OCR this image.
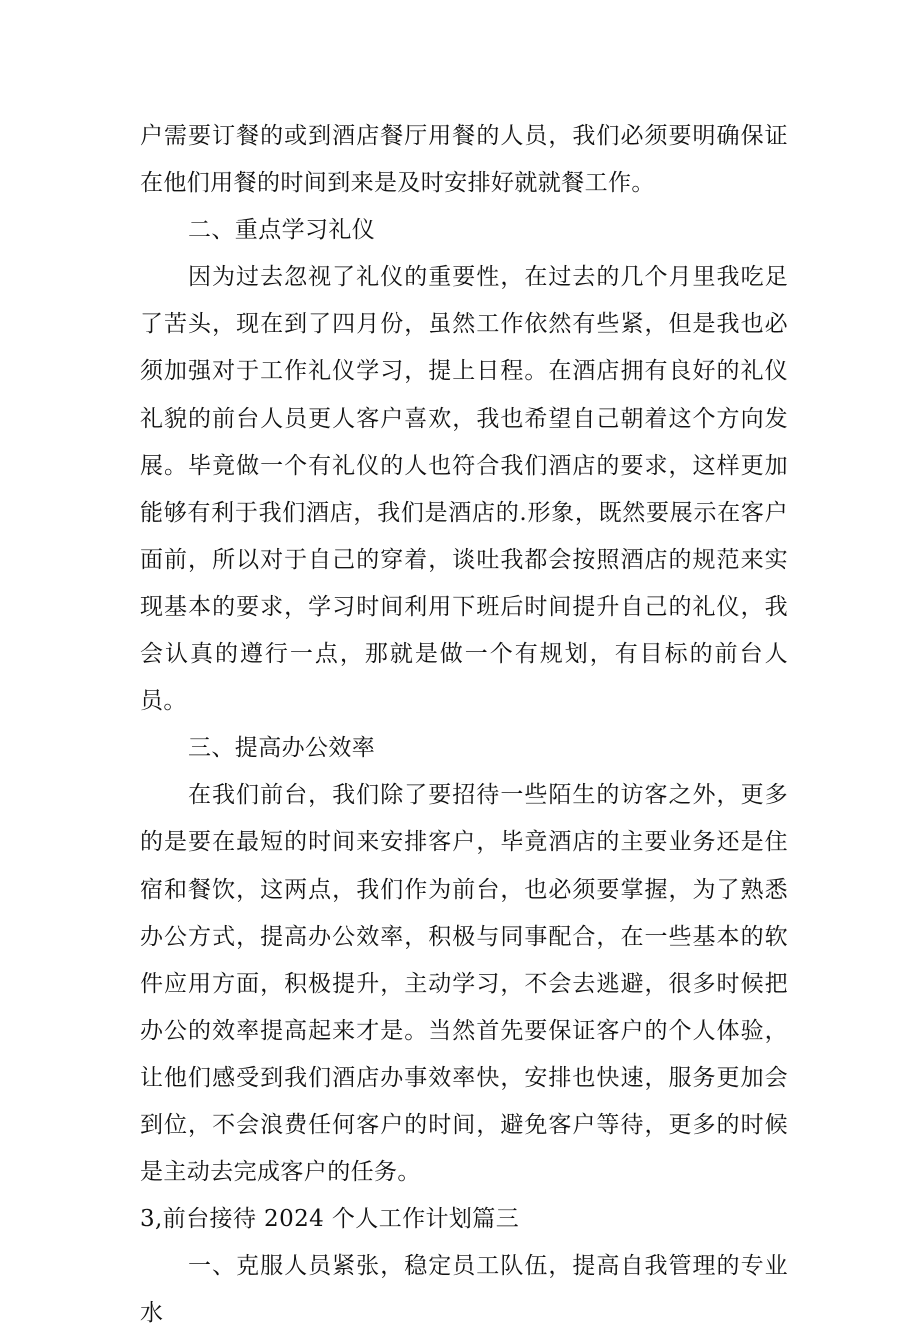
户需要订餐的或到酒店餐厅用餐的人员，我们必须要明确保证在他们用餐的时间到来是及时安排好就就餐工作。

二、重点学习礼仪

因为过去忽视了礼仪的重要性，在过去的几个月里我吃足了苦头，现在到了四月份，虽然工作依然有些紧，但是我也必须加强对于工作礼仪学习，提上日程。在酒店拥有良好的礼仪礼貌的前台人员更人客户喜欢，我也希望自己朝着这个方向发展。毕竟做一个有礼仪的人也符合我们酒店的要求，这样更加能够有利于我们酒店，我们是酒店的.形象，既然要展示在客户面前，所以对于自己的穿着，谈吐我都会按照酒店的规范来实现基本的要求，学习时间利用下班后时间提升自己的礼仪，我会认真的遵行一点，那就是做一个有规划，有目标的前台人员。

三、提高办公效率

在我们前台，我们除了要招待一些陌生的访客之外，更多的是要在最短的时间来安排客户，毕竟酒店的主要业务还是住宿和餐饮，这两点，我们作为前台，也必须要掌握，为了熟悉办公方式，提高办公效率，积极与同事配合，在一些基本的软件应用方面，积极提升，主动学习，不会去逃避，很多时候把办公的效率提高起来才是。当然首先要保证客户的个人体验，让他们感受到我们酒店办事效率快，安排也快速，服务更加会到位，不会浪费任何客户的时间，避免客户等待，更多的时候是主动去完成客户的任务。

3,前台接待 2024 个人工作计划篇三

一、克服人员紧张，稳定员工队伍，提高自我管理的专业水
